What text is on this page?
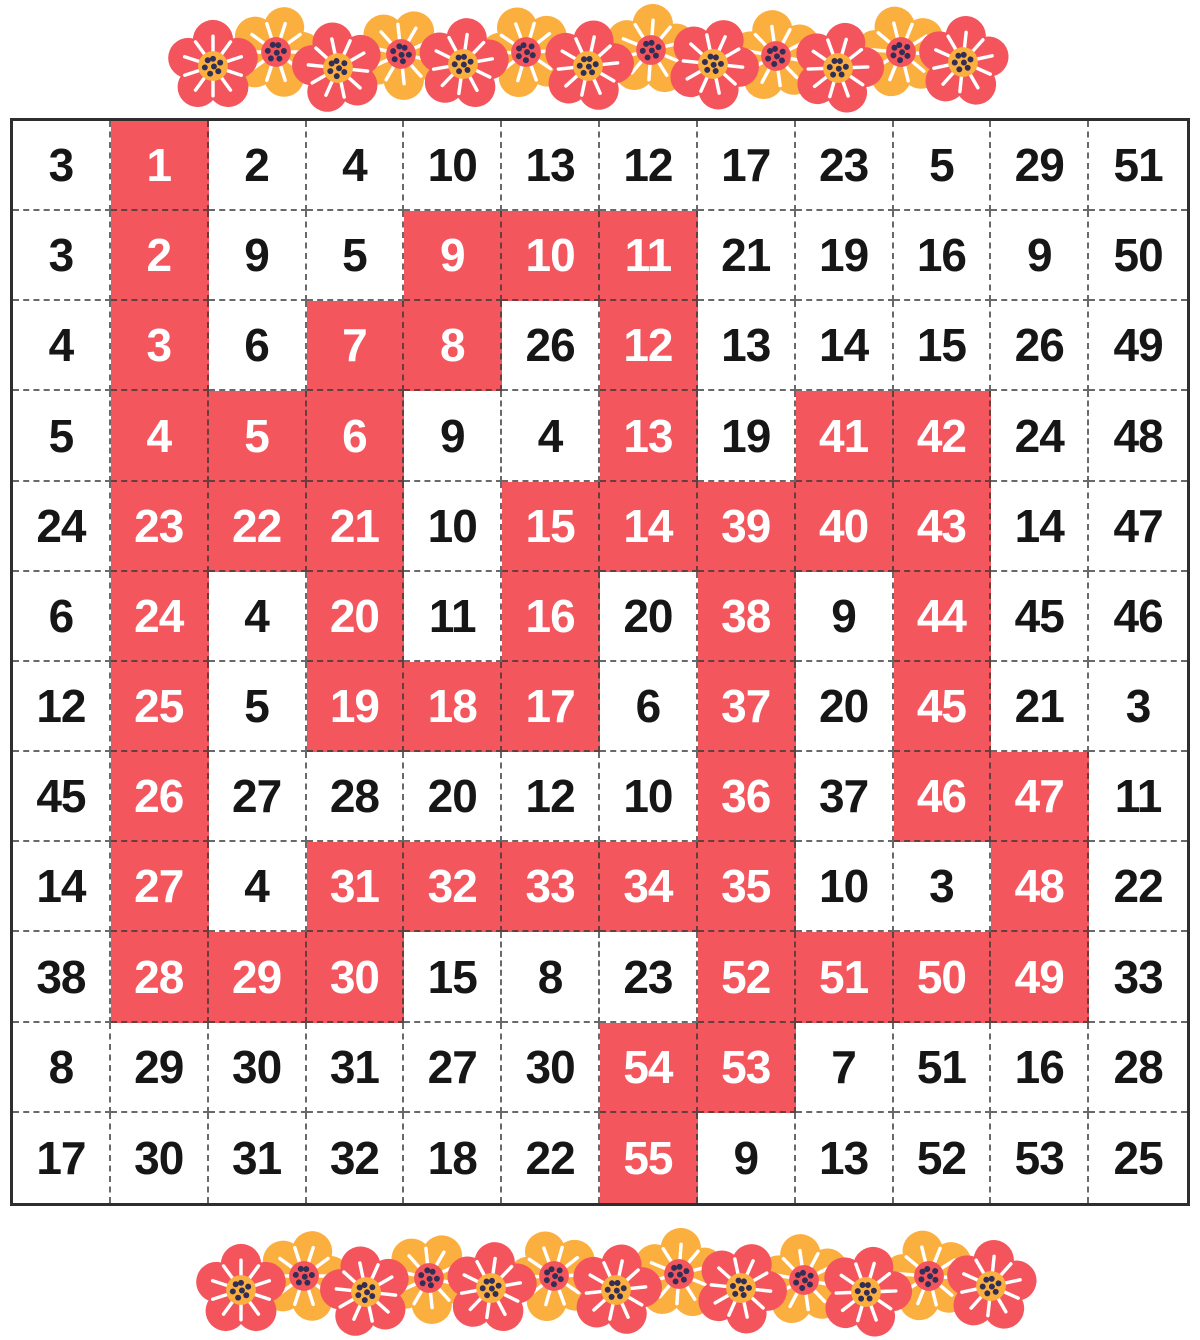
3	1	2	4	10	13	12	17	23	5	29	51
3	2	9	5	9	10	11	21	19	16	9	50
4	3	6	7	8	26	12	13	14	15	26	49
5	4	5	6	9	4	13	19	41	42	24	48
24	23	22	21	10	15	14	39	40	43	14	47
6	24	4	20	11	16	20	38	9	44	45	46
12	25	5	19	18	17	6	37	20	45	21	3
45	26	27	28	20	12	10	36	37	46	47	11
14	27	4	31	32	33	34	35	10	3	48	22
38	28	29	30	15	8	23	52	51	50	49	33
8	29	30	31	27	30	54	53	7	51	16	28
17	30	31	32	18	22	55	9	13	52	53	25
